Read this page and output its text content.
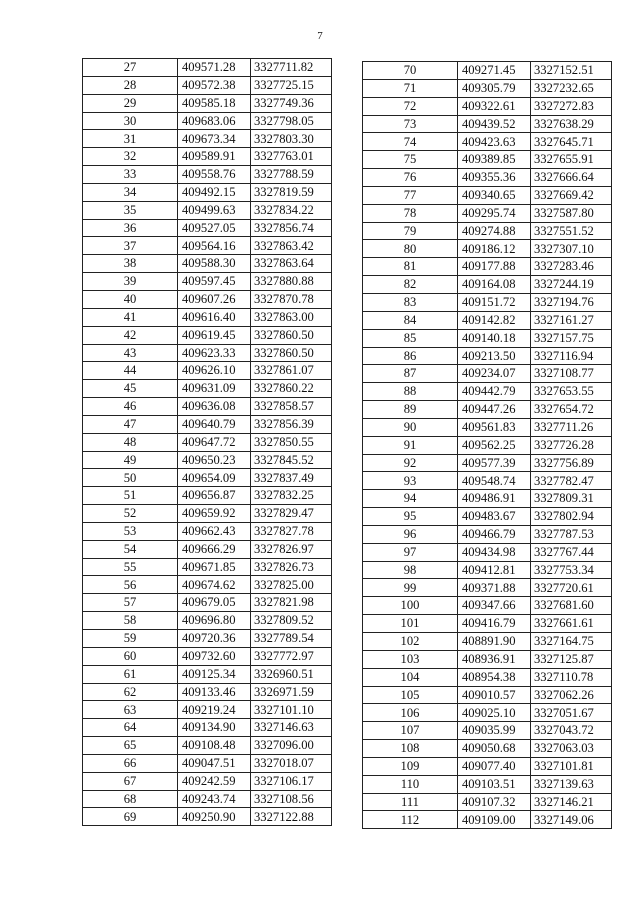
7
27	409571.28	3327711.82
28	409572.38	3327725.15
29	409585.18	3327749.36
30	409683.06	3327798.05
31	409673.34	3327803.30
32	409589.91	3327763.01
33	409558.76	3327788.59
34	409492.15	3327819.59
35	409499.63	3327834.22
36	409527.05	3327856.74
37	409564.16	3327863.42
38	409588.30	3327863.64
39	409597.45	3327880.88
40	409607.26	3327870.78
41	409616.40	3327863.00
42	409619.45	3327860.50
43	409623.33	3327860.50
44	409626.10	3327861.07
45	409631.09	3327860.22
46	409636.08	3327858.57
47	409640.79	3327856.39
48	409647.72	3327850.55
49	409650.23	3327845.52
50	409654.09	3327837.49
51	409656.87	3327832.25
52	409659.92	3327829.47
53	409662.43	3327827.78
54	409666.29	3327826.97
55	409671.85	3327826.73
56	409674.62	3327825.00
57	409679.05	3327821.98
58	409696.80	3327809.52
59	409720.36	3327789.54
60	409732.60	3327772.97
61	409125.34	3326960.51
62	409133.46	3326971.59
63	409219.24	3327101.10
64	409134.90	3327146.63
65	409108.48	3327096.00
66	409047.51	3327018.07
67	409242.59	3327106.17
68	409243.74	3327108.56
69	409250.90	3327122.88
70	409271.45	3327152.51
71	409305.79	3327232.65
72	409322.61	3327272.83
73	409439.52	3327638.29
74	409423.63	3327645.71
75	409389.85	3327655.91
76	409355.36	3327666.64
77	409340.65	3327669.42
78	409295.74	3327587.80
79	409274.88	3327551.52
80	409186.12	3327307.10
81	409177.88	3327283.46
82	409164.08	3327244.19
83	409151.72	3327194.76
84	409142.82	3327161.27
85	409140.18	3327157.75
86	409213.50	3327116.94
87	409234.07	3327108.77
88	409442.79	3327653.55
89	409447.26	3327654.72
90	409561.83	3327711.26
91	409562.25	3327726.28
92	409577.39	3327756.89
93	409548.74	3327782.47
94	409486.91	3327809.31
95	409483.67	3327802.94
96	409466.79	3327787.53
97	409434.98	3327767.44
98	409412.81	3327753.34
99	409371.88	3327720.61
100	409347.66	3327681.60
101	409416.79	3327661.61
102	408891.90	3327164.75
103	408936.91	3327125.87
104	408954.38	3327110.78
105	409010.57	3327062.26
106	409025.10	3327051.67
107	409035.99	3327043.72
108	409050.68	3327063.03
109	409077.40	3327101.81
110	409103.51	3327139.63
111	409107.32	3327146.21
112	409109.00	3327149.06
